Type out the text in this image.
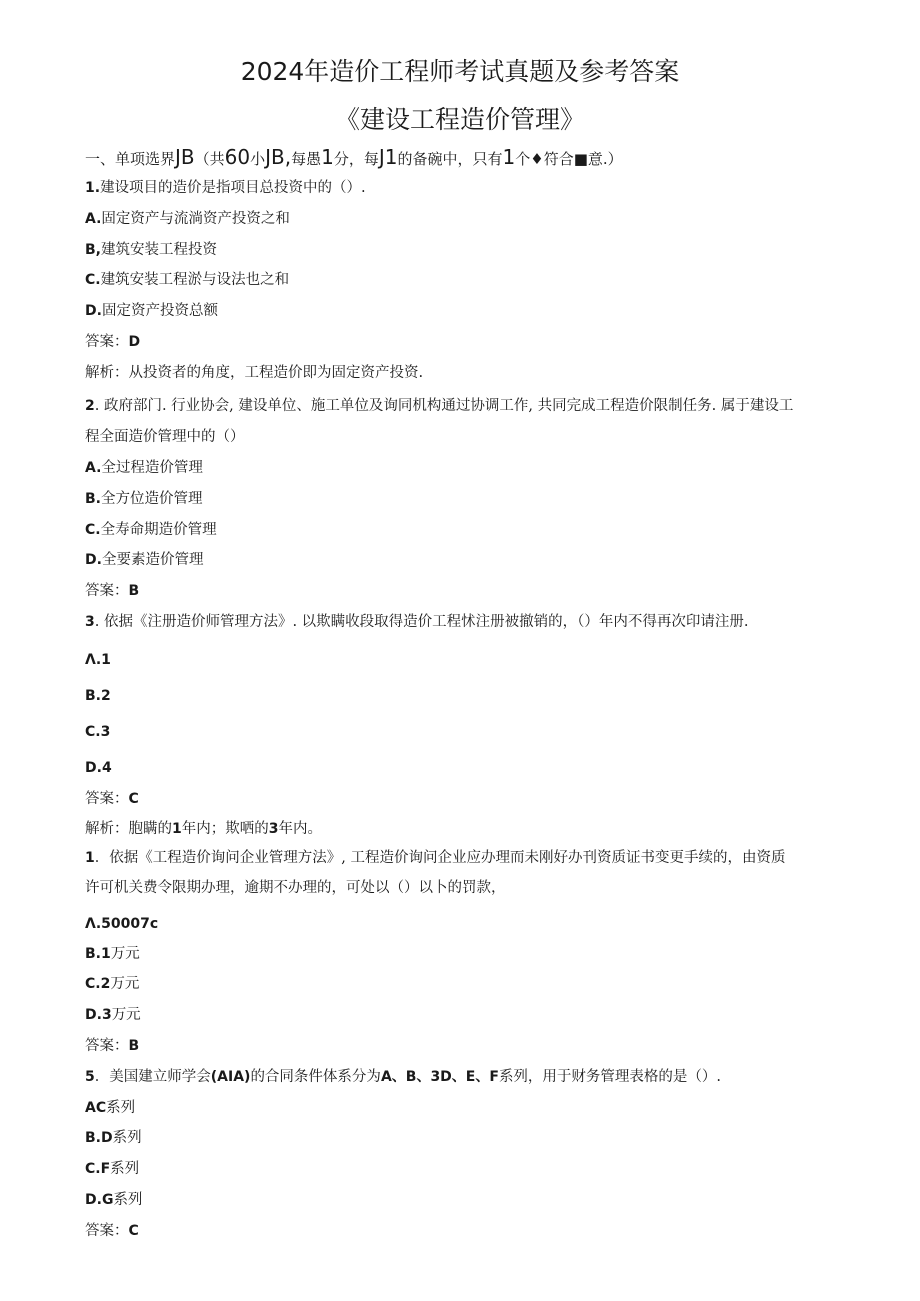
2024年造价工程师考试真题及参考答案
《建设工程造价管理》
一、单项选界JB（共60小JB,每愚1分，每J1的备碗中，只有1个♦符合■意.）
1.建设项目的造价是指项目总投资中的（）.
A.固定资产与流淌资产投资之和
B,建筑安装工程投资
C.建筑安装工程淤与设法也之和
D.固定资产投资总额
答案：D
解析：从投资者的角度，工程造价即为固定资产投资.
2. 政府部门. 行业协会, 建设单位、施工单位及询同机构通过协调工作, 共同完成工程造价限制任务. 属于建设工
程全面造价管理中的（）
A.全过程造价管理
B.全方位造价管理
C.全寿命期造价管理
D.全要素造价管理
答案：B
3. 依据《注册造价师管理方法》. 以欺瞒收段取得造价工程怵注册被撤销的，（）年内不得再次印请注册.
Λ.1
B.2
C.3
D.4
答案：C
解析：胞瞒的1年内；欺哂的3年内。
1．依据《工程造价询问企业管理方法》, 工程造价询问企业应办理而未刚好办刊资质证书变更手续的，由资质
许可机关费令限期办理，逾期不办理的，可处以（）以卜的罚款，
Λ.50007c
B.1万元
C.2万元
D.3万元
答案：B
5．美国建立师学会(AIA)的合同条件体系分为A、B、3D、E、F系列，用于财务管理表格的是（）.
AC系列
B.D系列
C.F系列
D.G系列
答案：C
